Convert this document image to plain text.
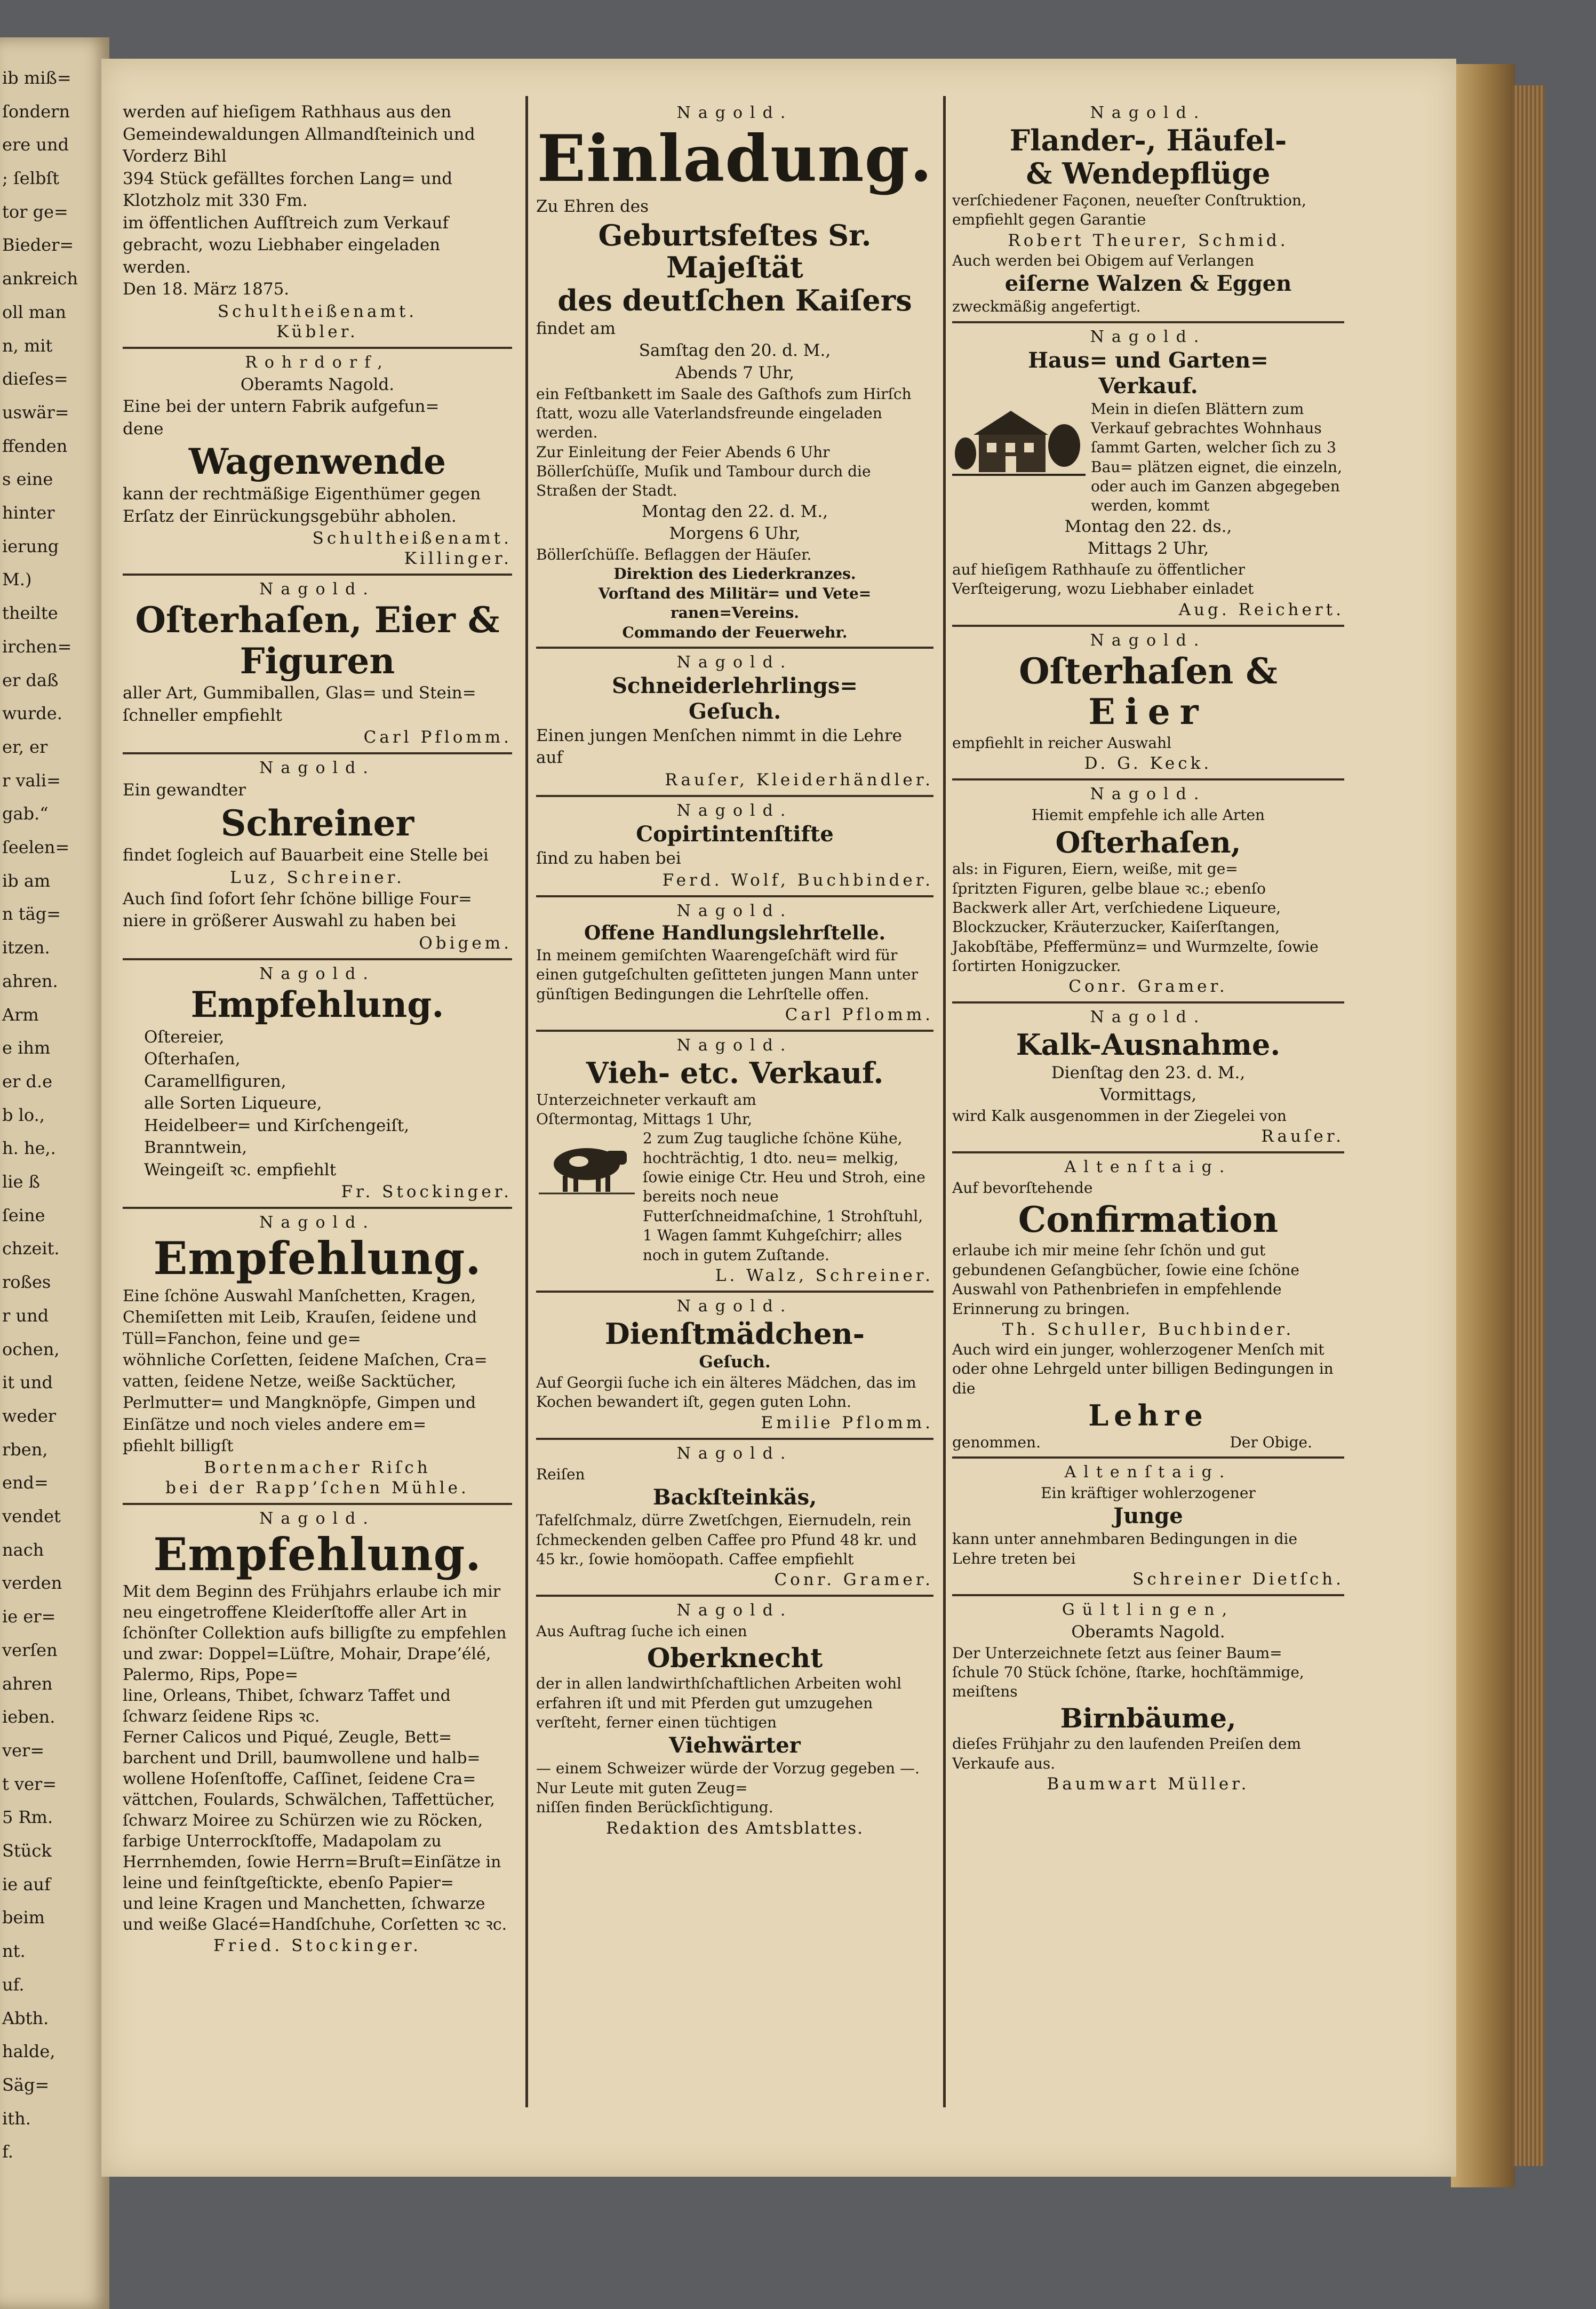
ib miß=
ſondern
ere und
; ſelbſt
tor ge=
Bieder=
ankreich
oll man
n, mit
dieſes=
uswär=
ffenden
s eine
hinter
ierung
M.)
theilte
irchen=
er daß
wurde.
er, er
r vali=
gab.“
ſeelen=
ib am
n täg=
itzen.
ahren.
Arm
e ihm
er d.e
b lo.,
h. he,.
lie ß
ſeine
chzeit.
roßes
r und
ochen,
it und
weder
rben,
end=
vendet
nach
verden
ie er=
verſen
ahren
ieben.
ver=
t ver=
5 Rm.
Stück
ie auf
beim
nt.
uf.
Abth.
halde,
Säg=
ith.
f.

werden auf hieſigem Rathhaus aus den

Gemeindewaldungen Allmandſteinich und

Vorderz Bihl

394 Stück gefälltes forchen Lang= und

Klotzholz mit 330 Fm.

im öffentlichen Aufſtreich zum Verkauf

gebracht, wozu Liebhaber eingeladen werden.

Den 18. März 1875.

Schultheißenamt.

Kübler.

Rohrdorf,

Oberamts Nagold.

Eine bei der untern Fabrik aufgefun=
dene

Wagenwende

kann der rechtmäßige Eigenthümer gegen Erſatz der Einrückungsgebühr abholen.

Schultheißenamt.

Killinger.

Nagold.

Oſterhaſen, Eier &

Figuren

aller Art, Gummiballen, Glas= und Stein=
ſchneller empfiehlt

Carl Pflomm.

Nagold.

Ein gewandter

Schreiner

findet ſogleich auf Bauarbeit eine Stelle bei

Luz, Schreiner.

Auch ſind ſofort ſehr ſchöne billige Four=
niere in größerer Auswahl zu haben bei

Obigem.

Nagold.

Empfehlung.

Oſtereier,

Oſterhaſen,

Caramellfiguren,

alle Sorten Liqueure,

Heidelbeer= und Kirſchengeiſt,

Branntwein,

Weingeiſt ꝛc. empfiehlt

Fr. Stockinger.

Nagold.

Empfehlung.

Eine ſchöne Auswahl Manſchetten, Kragen, Chemiſetten mit Leib, Krauſen, ſeidene und Tüll=Fanchon, feine und ge=
wöhnliche Corſetten, ſeidene Maſchen, Cra=
vatten, ſeidene Netze, weiße Sacktücher, Perlmutter= und Mangknöpfe, Gimpen und Einſätze und noch vieles andere em=
pfiehlt billigſt

Bortenmacher Riſch

bei der Rapp’ſchen Mühle.

Nagold.

Empfehlung.

Mit dem Beginn des Frühjahrs erlaube ich mir neu eingetroffene Kleiderſtoffe aller Art in ſchönſter Collektion aufs billigſte zu empfehlen und zwar: Doppel=Lüſtre, Mohair, Drape’élé, Palermo, Rips, Pope=
line, Orleans, Thibet, ſchwarz Taffet und ſchwarz ſeidene Rips ꝛc.

Ferner Calicos und Piqué, Zeugle, Bett=
barchent und Drill, baumwollene und halb=
wollene Hoſenſtoffe, Caſſinet, ſeidene Cra=
vättchen, Foulards, Schwälchen, Taffettücher, ſchwarz Moiree zu Schürzen wie zu Röcken, farbige Unterrockſtoffe, Madapolam zu Herrnhemden, ſowie Herrn=Bruſt=Einſätze in leine und feinſtgeſtickte, ebenſo Papier=
und leine Kragen und Manchetten, ſchwarze und weiße Glacé=Handſchuhe, Corſetten ꝛc ꝛc.

Fried. Stockinger.

Nagold.

Einladung.

Zu Ehren des

Geburtsfeſtes Sr. Majeſtät

des deutſchen Kaiſers

findet am

Samſtag den 20. d. M.,

Abends 7 Uhr,

ein Feſtbankett im Saale des Gaſthofs zum Hirſch ſtatt, wozu alle Vaterlandsfreunde eingeladen werden.

Zur Einleitung der Feier Abends 6 Uhr Böllerſchüſſe, Muſik und Tambour durch die Straßen der Stadt.

Montag den 22. d. M.,

Morgens 6 Uhr,

Böllerſchüſſe. Beflaggen der Häuſer.

Direktion des Liederkranzes.

Vorſtand des Militär= und Vete=
ranen=Vereins.

Commando der Feuerwehr.

Nagold.

Schneiderlehrlings=

Geſuch.

Einen jungen Menſchen nimmt in die Lehre auf

Rauſer, Kleiderhändler.

Nagold.

Copirtintenſtifte

ſind zu haben bei

Ferd. Wolf, Buchbinder.

Nagold.

Offene Handlungslehrſtelle.

In meinem gemiſchten Waarengeſchäft wird für einen gutgeſchulten geſitteten jungen Mann unter günſtigen Bedingungen die Lehrſtelle offen.

Carl Pflomm.

Nagold.

Vieh- etc. Verkauf.

Unterzeichneter verkauft am

Oſtermontag, Mittags 1 Uhr,

2 zum Zug taugliche ſchöne Kühe, hochträchtig, 1 dto. neu= melkig, ſowie einige Ctr. Heu und Stroh, eine bereits noch neue Futterſchneidmaſchine, 1 Strohſtuhl, 1 Wagen ſammt Kuhgeſchirr; alles noch in gutem Zuſtande.

L. Walz, Schreiner.

Nagold.

Dienſtmädchen-

Geſuch.

Auf Georgii ſuche ich ein älteres Mädchen, das im Kochen bewandert iſt, gegen guten Lohn.

Emilie Pflomm.

Nagold.

Reiſen

Backſteinkäs,

Tafelſchmalz, dürre Zwetſchgen, Eiernudeln, rein ſchmeckenden gelben Caffee pro Pfund 48 kr. und 45 kr., ſowie homöopath. Caffee empfiehlt

Conr. Gramer.

Nagold.

Aus Auftrag ſuche ich einen

Oberknecht

der in allen landwirthſchaftlichen Arbeiten wohl erfahren iſt und mit Pferden gut umzugehen verſteht, ferner einen tüchtigen

Viehwärter

— einem Schweizer würde der Vorzug gegeben —. Nur Leute mit guten Zeug=
niſſen finden Berückſichtigung.

Redaktion des Amtsblattes.

Nagold.

Flander-, Häufel-

& Wendepflüge

verſchiedener Façonen, neueſter Conſtruktion, empfiehlt gegen Garantie

Robert Theurer, Schmid.

Auch werden bei Obigem auf Verlangen

eiſerne Walzen & Eggen

zweckmäßig angefertigt.

Nagold.

Haus= und Garten=

Verkauf.

Mein in dieſen Blättern zum Verkauf gebrachtes Wohnhaus ſammt Garten, welcher ſich zu 3 Bau= plätzen eignet, die einzeln, oder auch im Ganzen abgegeben werden, kommt

Montag den 22. ds.,

Mittags 2 Uhr,

auf hieſigem Rathhauſe zu öffentlicher Verſteigerung, wozu Liebhaber einladet

Aug. Reichert.

Nagold.

Oſterhaſen &

Eier

empfiehlt in reicher Auswahl

D. G. Keck.

Nagold.

Hiemit empfehle ich alle Arten

Oſterhaſen,

als: in Figuren, Eiern, weiße, mit ge=
ſpritzten Figuren, gelbe blaue ꝛc.; ebenſo Backwerk aller Art, verſchiedene Liqueure, Blockzucker, Kräuterzucker, Kaiſerſtangen, Jakobſtäbe, Pfeffermünz= und Wurmzelte, ſowie ſortirten Honigzucker.

Conr. Gramer.

Nagold.

Kalk-Ausnahme.

Dienſtag den 23. d. M.,

Vormittags,

wird Kalk ausgenommen in der Ziegelei von

Rauſer.

Altenſtaig.

Auf bevorſtehende

Confirmation

erlaube ich mir meine ſehr ſchön und gut gebundenen Geſangbücher, ſowie eine ſchöne Auswahl von Pathenbriefen in empfehlende Erinnerung zu bringen.

Th. Schuller, Buchbinder.

Auch wird ein junger, wohlerzogener Menſch mit oder ohne Lehrgeld unter billigen Bedingungen in die

Lehre

genommen.	Der Obige.

Altenſtaig.

Ein kräftiger wohlerzogener

Junge

kann unter annehmbaren Bedingungen in die Lehre treten bei

Schreiner Dietſch.

Gültlingen,

Oberamts Nagold.

Der Unterzeichnete ſetzt aus ſeiner Baum=
ſchule 70 Stück ſchöne, ſtarke, hochſtämmige, meiſtens

Birnbäume,

dieſes Frühjahr zu den laufenden Preiſen dem Verkaufe aus.

Baumwart Müller.
